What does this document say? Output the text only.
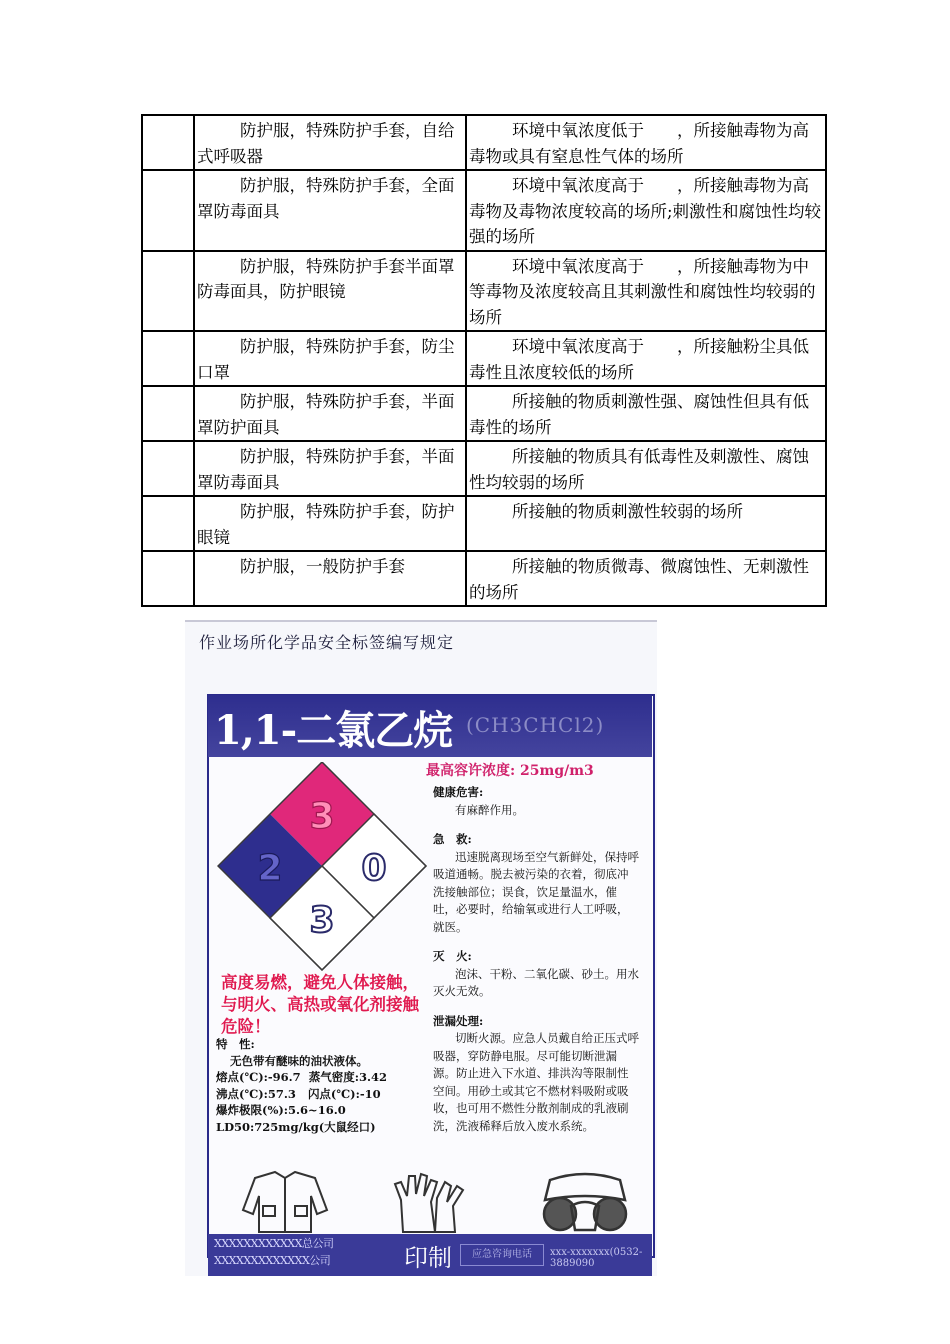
	防护服，特殊防护手套，自给式呼吸器	环境中氧浓度低于　　，所接触毒物为高毒物或具有窒息性气体的场所
	防护服，特殊防护手套，全面罩防毒面具	环境中氧浓度高于　　，所接触毒物为高毒物及毒物浓度较高的场所;刺激性和腐蚀性均较强的场所
	防护服，特殊防护手套半面罩防毒面具，防护眼镜	环境中氧浓度高于　　，所接触毒物为中等毒物及浓度较高且其刺激性和腐蚀性均较弱的场所
	防护服，特殊防护手套，防尘口罩	环境中氧浓度高于　　，所接触粉尘具低毒性且浓度较低的场所
	防护服，特殊防护手套，半面罩防护面具	所接触的物质刺激性强、腐蚀性但具有低毒性的场所
	防护服，特殊防护手套，半面罩防毒面具	所接触的物质具有低毒性及刺激性、腐蚀性均较弱的场所
	防护服，特殊防护手套，防护眼镜	所接触的物质刺激性较弱的场所
	防护服，一般防护手套	所接触的物质微毒、微腐蚀性、无刺激性的场所
作业场所化学品安全标签编写规定
1,1-二氯乙烷 (CH3CHCl2)
3
2 0
3
最高容许浓度: 25mg/m3

健康危害:

有麻醉作用。

急　救:

迅速脱离现场至空气新鲜处，保持呼吸道通畅。脱去被污染的衣着，彻底冲洗接触部位；误食，饮足量温水，催吐，必要时，给输氧或进行人工呼吸，就医。

灭　火:

泡沫、干粉、二氧化碳、砂土。用水灭火无效。

泄漏处理:

切断火源。应急人员戴自给正压式呼吸器，穿防静电服。尽可能切断泄漏源。防止进入下水道、排洪沟等限制性空间。用砂土或其它不燃材料吸附或吸收，也可用不燃性分散剂制成的乳液刷洗，洗液稀释后放入废水系统。

高度易燃，避免人体接触，与明火、高热或氧化剂接触危险！

特　性:

无色带有醚味的油状液体。

熔点(℃):-96.7 蒸气密度:3.42

沸点(℃):57.3 闪点(℃):-10

爆炸极限(%):5.6~16.0

LD50:725mg/kg(大鼠经口)

XXXXXXXXXXXX总公司
XXXXXXXXXXXXX公司	印制	应急咨询电话	xxx-xxxxxxx(0532-3889090
